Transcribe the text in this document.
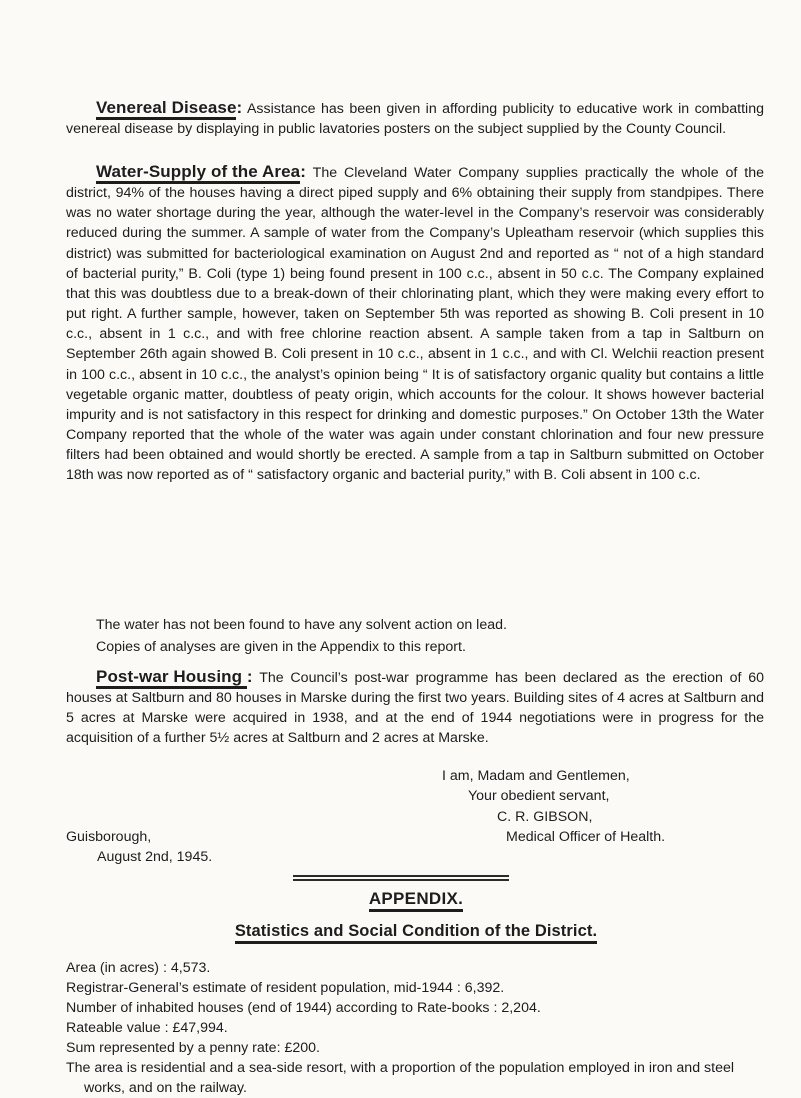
Venereal Disease: Assistance has been given in affording publicity to educative work in combatting venereal disease by displaying in public lavatories posters on the subject supplied by the County Council.

Water-Supply of the Area: The Cleveland Water Company supplies practically the whole of the district, 94% of the houses having a direct piped supply and 6% obtaining their supply from standpipes. There was no water shortage during the year, although the water-level in the Company’s reservoir was considerably reduced during the summer. A sample of water from the Company’s Upleatham reservoir (which supplies this district) was submitted for bacteriological examination on August 2nd and reported as “ not of a high standard of bacterial purity,” B. Coli (type 1) being found present in 100 c.c., absent in 50 c.c. The Company explained that this was doubtless due to a break-down of their chlorinating plant, which they were making every effort to put right. A further sample, however, taken on September 5th was reported as showing B. Coli present in 10 c.c., absent in 1 c.c., and with free chlorine reaction absent. A sample taken from a tap in Saltburn on September 26th again showed B. Coli present in 10 c.c., absent in 1 c.c., and with Cl. Welchii reaction present in 100 c.c., absent in 10 c.c., the analyst’s opinion being “ It is of satisfactory organic quality but contains a little vegetable organic matter, doubtless of peaty origin, which accounts for the colour. It shows however bacterial impurity and is not satisfactory in this respect for drinking and domestic purposes.” On October 13th the Water Company reported that the whole of the water was again under constant chlorination and four new pressure filters had been obtained and would shortly be erected. A sample from a tap in Saltburn submitted on October 18th was now reported as of “ satisfactory organic and bacterial purity,” with B. Coli absent in 100 c.c.

The water has not been found to have any solvent action on lead.

Copies of analyses are given in the Appendix to this report.

Post-war Housing : The Council’s post-war programme has been declared as the erection of 60 houses at Saltburn and 80 houses in Marske during the first two years. Building sites of 4 acres at Saltburn and 5 acres at Marske were acquired in 1938, and at the end of 1944 negotiations were in progress for the acquisition of a further 5½ acres at Saltburn and 2 acres at Marske.

I am, Madam and Gentlemen,
Your obedient servant,
C. R. GIBSON,
Guisborough,	Medical Officer of Health.
August 2nd, 1945.
APPENDIX.
Statistics and Social Condition of the District.

Area (in acres) : 4,573.

Registrar-General’s estimate of resident population, mid-1944 : 6,392.

Number of inhabited houses (end of 1944) according to Rate-books : 2,204.

Rateable value : £47,994.

Sum represented by a penny rate: £200.

The area is residential and a sea-side resort, with a proportion of the population employed in iron and steel works, and on the railway.
